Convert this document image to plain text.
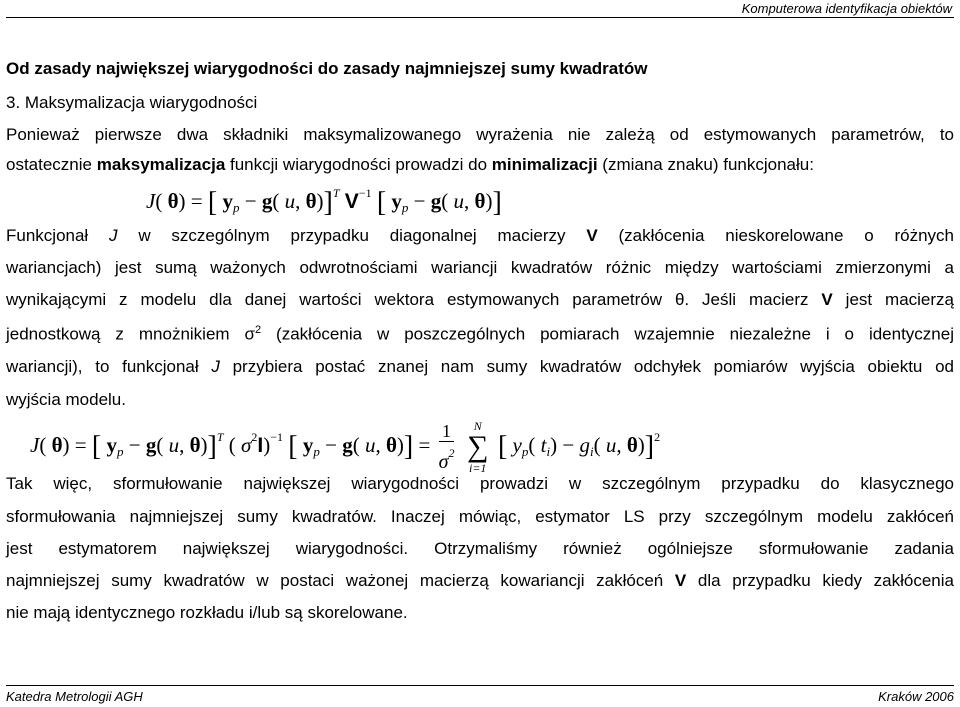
Komputerowa identyfikacja obiektów
Od zasady największej wiarygodności do zasady najmniejszej sumy kwadratów
3. Maksymalizacja wiarygodności
Ponieważ pierwsze dwa składniki maksymalizowanego wyrażenia nie zależą od estymowanych parametrów, to
ostatecznie maksymalizacja funkcji wiarygodności prowadzi do minimalizacji (zmiana znaku) funkcjonału:
J( θ) = [ $y_p - g$( u, θ)]$^T$ $V^{-1}$ [ $y_p - g$( u, θ)]
Funkcjonał J w szczególnym przypadku diagonalnej macierzy V (zakłócenia nieskorelowane o różnych
wariancjach) jest sumą ważonych odwrotnościami wariancji kwadratów różnic między wartościami zmierzonymi a
wynikającymi z modelu dla danej wartości wektora estymowanych parametrów θ. Jeśli macierz V jest macierzą
jednostkową z mnożnikiem $\sigma^2$ (zakłócenia w poszczególnych pomiarach wzajemnie niezależne i o identycznej
wariancji), to funkcjonał J przybiera postać znanej nam sumy kwadratów odchyłek pomiarów wyjścia obiektu od
wyjścia modelu.
J( θ) = [ $y_p - g$( u, θ)]$^T$ ( $\sigma^2I)^{-1}$ [ $y_p - g$( u, $\theta)] = \frac{1}{\sigma^2}$
	N
∑
i=1
[ $y_p$( $t_i) - g_i$( u, θ)]$^2$
Tak więc, sformułowanie największej wiarygodności prowadzi w szczególnym przypadku do klasycznego
sformułowania najmniejszej sumy kwadratów. Inaczej mówiąc, estymator LS przy szczególnym modelu zakłóceń
jest estymatorem największej wiarygodności. Otrzymaliśmy również ogólniejsze sformułowanie zadania
najmniejszej sumy kwadratów w postaci ważonej macierzą kowariancji zakłóceń V dla przypadku kiedy zakłócenia
nie mają identycznego rozkładu i/lub są skorelowane.
Katedra Metrologii AGH	Kraków 2006
